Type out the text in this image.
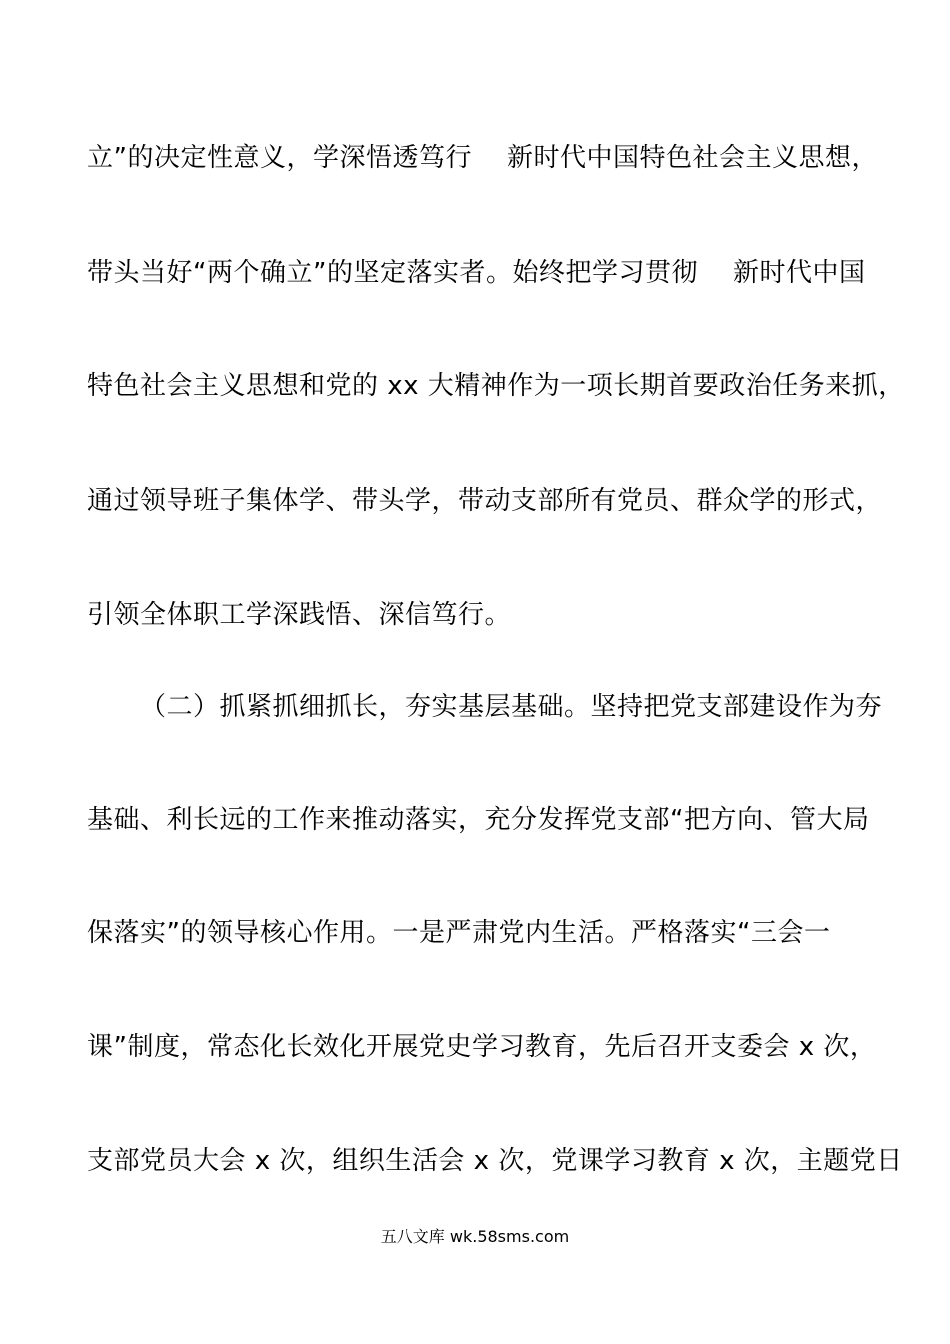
立”的决定性意义，学深悟透笃行    新时代中国特色社会主义思想，
带头当好“两个确立”的坚定落实者。始终把学习贯彻    新时代中国
特色社会主义思想和党的 xx 大精神作为一项长期首要政治任务来抓，
通过领导班子集体学、带头学，带动支部所有党员、群众学的形式，
引领全体职工学深践悟、深信笃行。
（二）抓紧抓细抓长，夯实基层基础。坚持把党支部建设作为夯
基础、利长远的工作来推动落实，充分发挥党支部“把方向、管大局
保落实”的领导核心作用。一是严肃党内生活。严格落实“三会一
课”制度，常态化长效化开展党史学习教育，先后召开支委会 x 次，
支部党员大会 x 次，组织生活会 x 次，党课学习教育 x 次，主题党日
五八文库 wk.58sms.com
